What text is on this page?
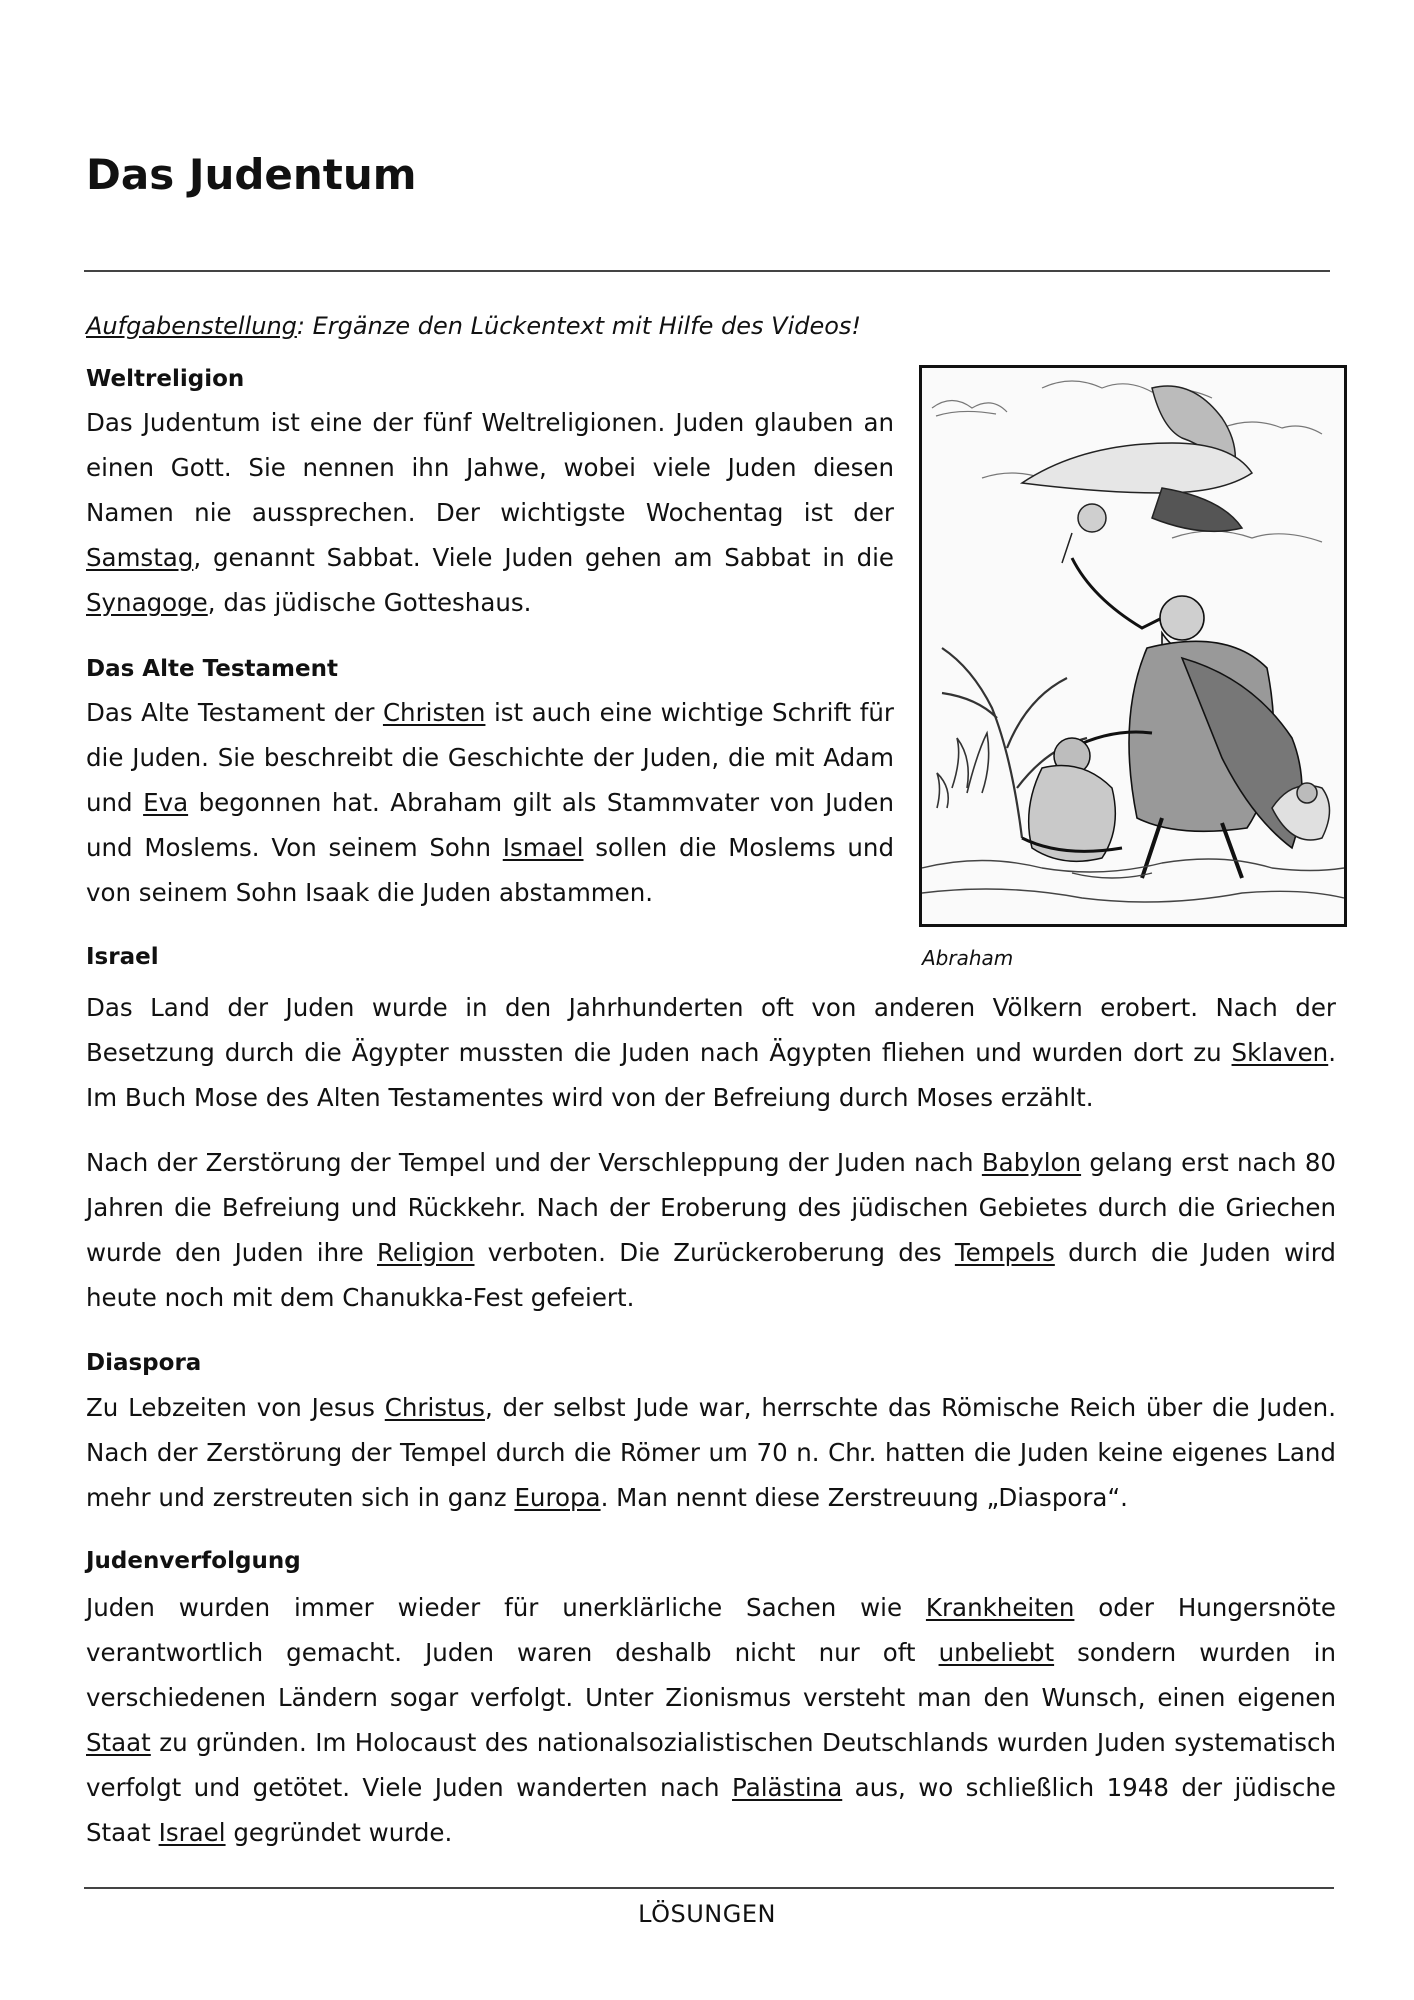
Das Judentum

Aufgabenstellung: Ergänze den Lückentext mit Hilfe des Videos!

Weltreligion

Das Judentum ist eine der fünf Weltreligionen. Juden glauben an einen Gott. Sie nennen ihn Jahwe, wobei viele Juden diesen Namen nie aussprechen. Der wichtigste Wochentag ist der Samstag, genannt Sabbat. Viele Juden gehen am Sabbat in die Synagoge, das jüdische Gotteshaus.

Das Alte Testament

Das Alte Testament der Christen ist auch eine wichtige Schrift für die Juden. Sie beschreibt die Geschichte der Juden, die mit Adam und Eva begonnen hat. Abraham gilt als Stammvater von Juden und Moslems. Von seinem Sohn Ismael sollen die Moslems und von seinem Sohn Isaak die Juden abstammen.

Israel

Das Land der Juden wurde in den Jahrhunderten oft von anderen Völkern erobert. Nach der Besetzung durch die Ägypter mussten die Juden nach Ägypten fliehen und wurden dort zu Sklaven. Im Buch Mose des Alten Testamentes wird von der Befreiung durch Moses erzählt.

Nach der Zerstörung der Tempel und der Verschleppung der Juden nach Babylon gelang erst nach 80 Jahren die Befreiung und Rückkehr. Nach der Eroberung des jüdischen Gebietes durch die Griechen wurde den Juden ihre Religion verboten. Die Zurückeroberung des Tempels durch die Juden wird heute noch mit dem Chanukka-Fest gefeiert.

Diaspora

Zu Lebzeiten von Jesus Christus, der selbst Jude war, herrschte das Römische Reich über die Juden. Nach der Zerstörung der Tempel durch die Römer um 70 n. Chr. hatten die Juden keine eigenes Land mehr und zerstreuten sich in ganz Europa. Man nennt diese Zerstreuung „Diaspora“.

Judenverfolgung

Juden wurden immer wieder für unerklärliche Sachen wie Krankheiten oder Hungersnöte verantwortlich gemacht. Juden waren deshalb nicht nur oft unbeliebt sondern wurden in verschiedenen Ländern sogar verfolgt. Unter Zionismus versteht man den Wunsch, einen eigenen Staat zu gründen. Im Holocaust des nationalsozialistischen Deutschlands wurden Juden systematisch verfolgt und getötet. Viele Juden wanderten nach Palästina aus, wo schließlich 1948 der jüdische Staat Israel gegründet wurde.

Abraham

LÖSUNGEN
